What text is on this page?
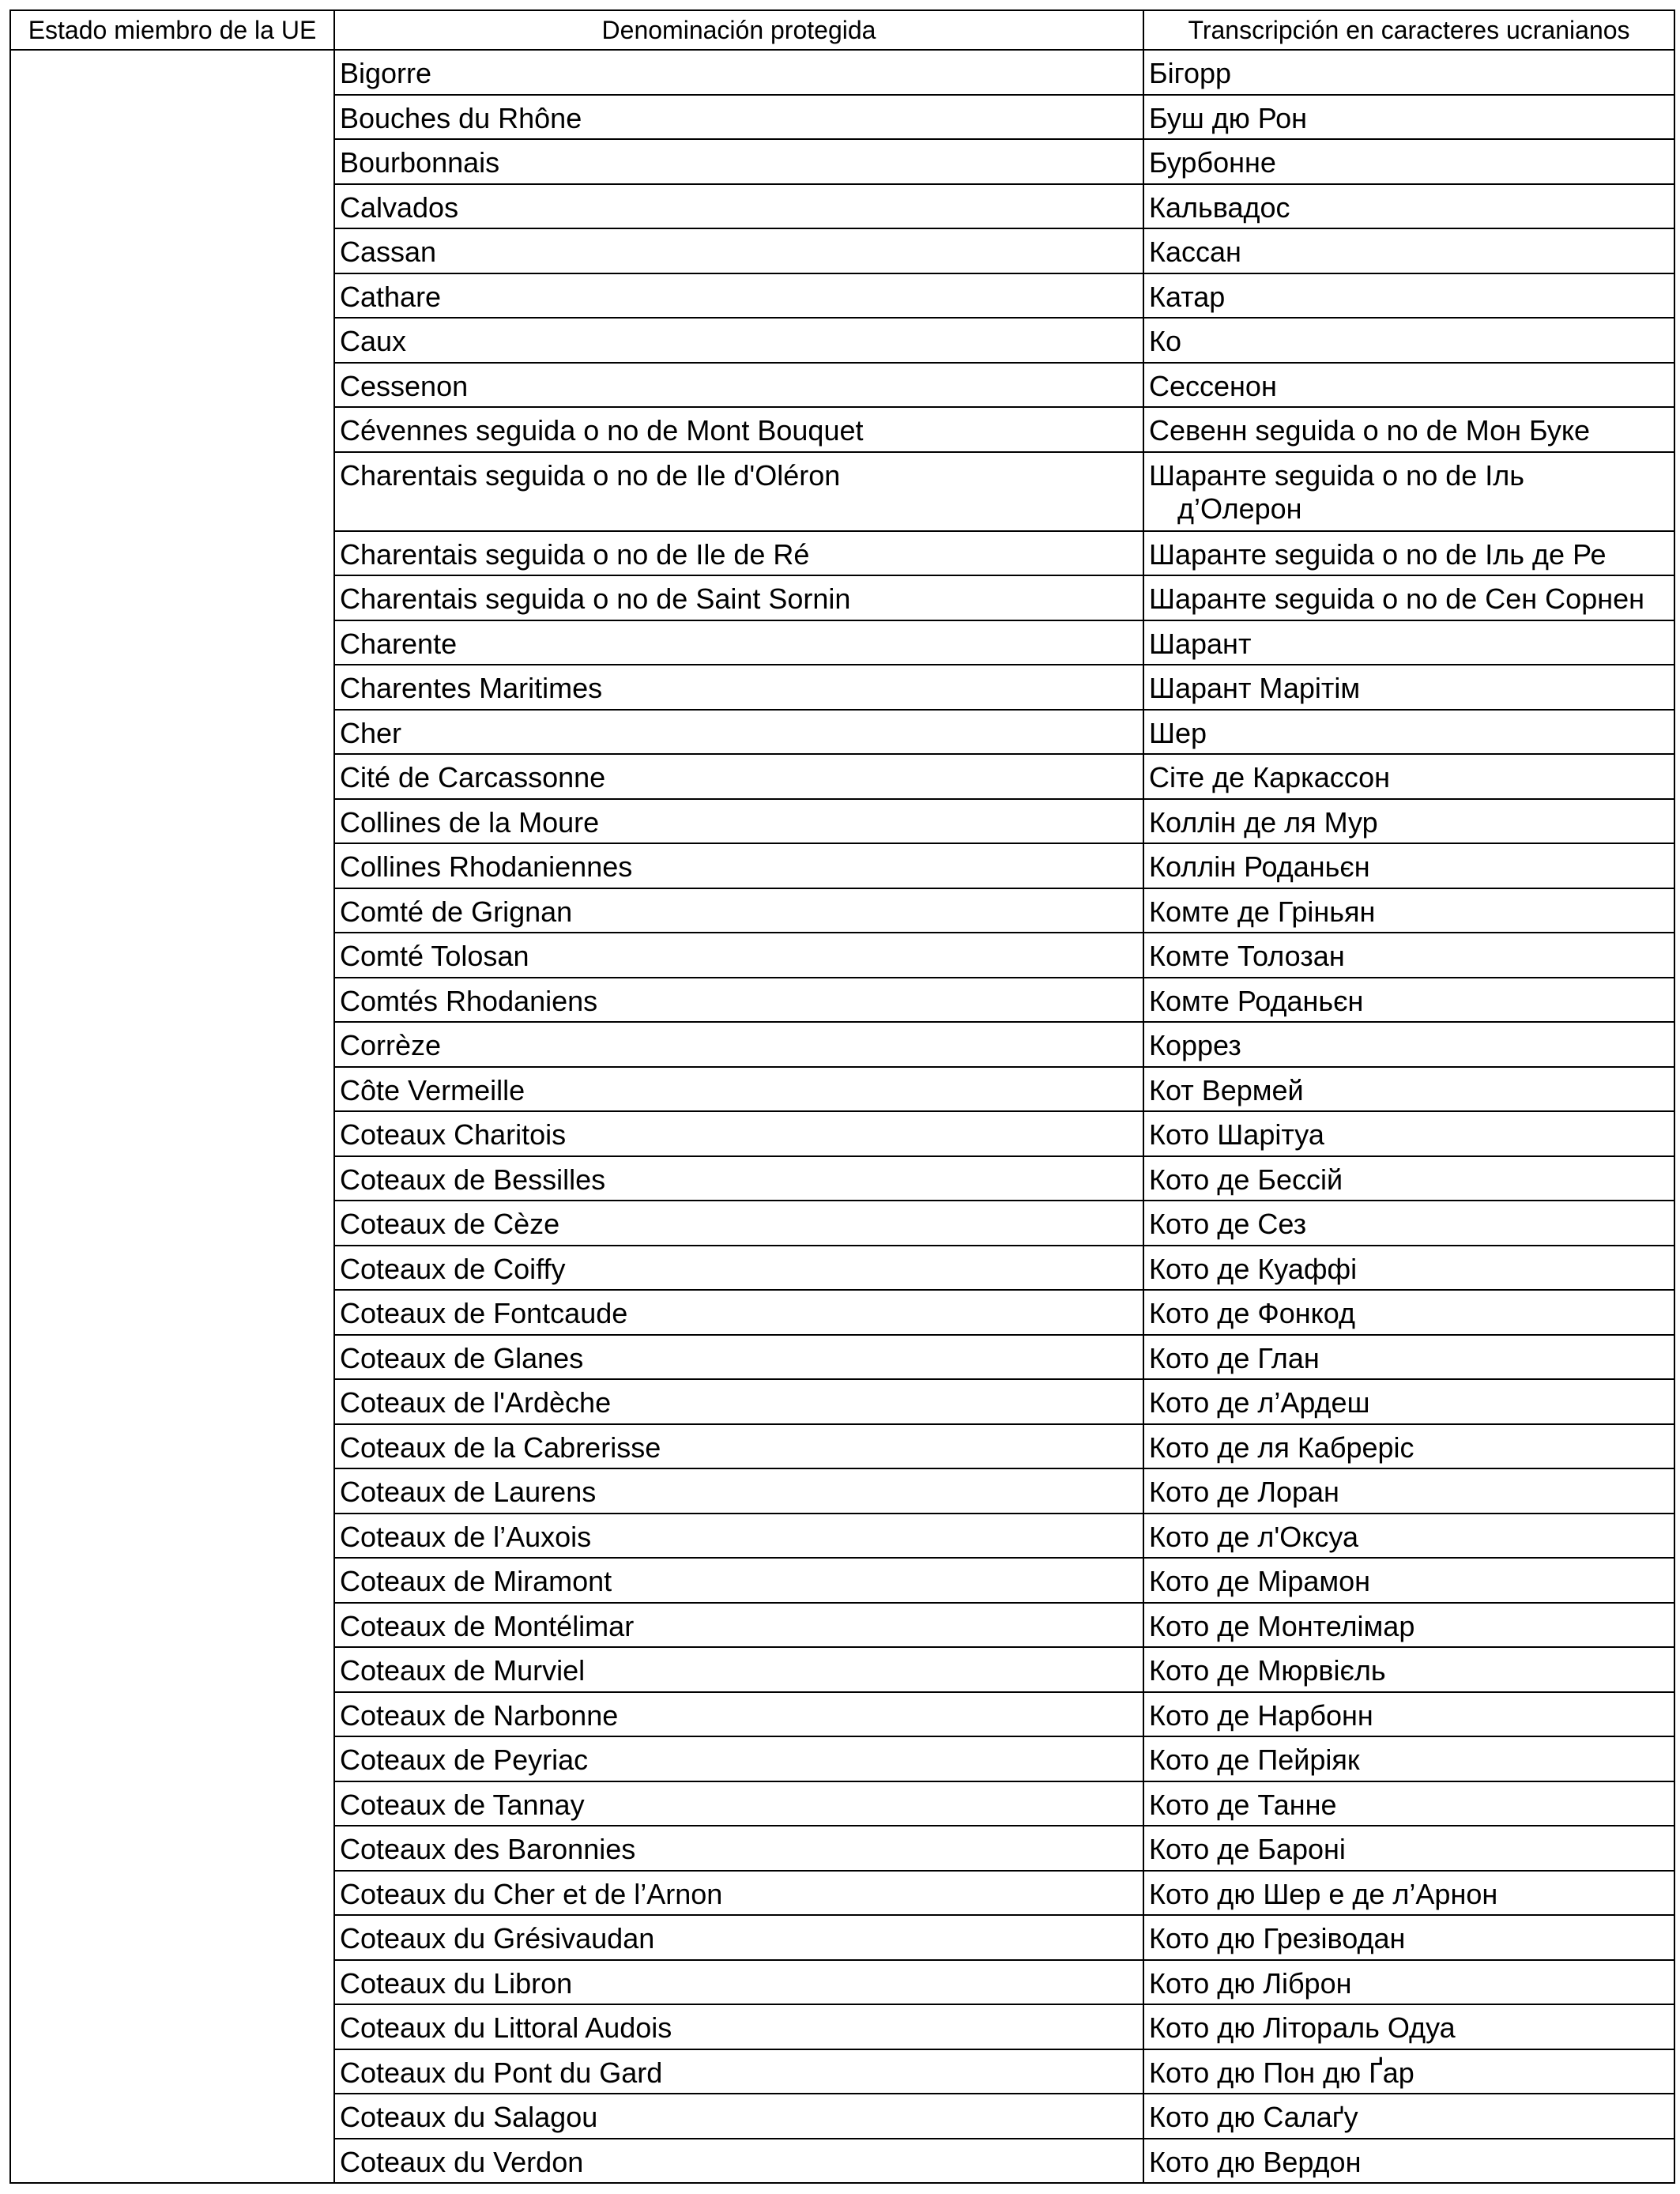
Estado miembro de la UE	Denominación protegida	Transcripción en caracteres ucranianos
	Bigorre	Бігорр
	Bouches du Rhône	Буш дю Рон
	Bourbonnais	Бурбонне
	Calvados	Кальвадос
	Cassan	Кассан
	Cathare	Катар
	Caux	Ко
	Cessenon	Сессенон
	Cévennes seguida o no de Mont Bouquet	Севенн seguida o no de Мон Буке
	Charentais seguida o no de Ile d'Oléron	Шаранте seguida o no de Іль
д’Олерон

	Charentais seguida o no de Ile de Ré	Шаранте seguida o no de Іль де Ре
	Charentais seguida o no de Saint Sornin	Шаранте seguida o no de Сен Сорнен
	Charente	Шарант
	Charentes Maritimes	Шарант Марітім
	Cher	Шер
	Cité de Carcassonne	Сіте де Каркассон
	Collines de la Moure	Коллін де ля Мур
	Collines Rhodaniennes	Коллін Роданьєн
	Comté de Grignan	Комте де Гріньян
	Comté Tolosan	Комте Толозан
	Comtés Rhodaniens	Комте Роданьєн
	Corrèze	Коррез
	Côte Vermeille	Кот Вермей
	Coteaux Charitois	Кото Шарітуа
	Coteaux de Bessilles	Кото де Бессій
	Coteaux de Cèze	Кото де Сез
	Coteaux de Coiffy	Кото де Куаффі
	Coteaux de Fontcaude	Кото де Фонкод
	Coteaux de Glanes	Кото де Глан
	Coteaux de l'Ardèche	Кото де л’Ардеш
	Coteaux de la Cabrerisse	Кото де ля Кабреріс
	Coteaux de Laurens	Кото де Лоран
	Coteaux de l’Auxois	Кото де л'Оксуа
	Coteaux de Miramont	Кото де Мірамон
	Coteaux de Montélimar	Кото де Монтелімар
	Coteaux de Murviel	Кото де Мюрвієль
	Coteaux de Narbonne	Кото де Нарбонн
	Coteaux de Peyriac	Кото де Пейріяк
	Coteaux de Tannay	Кото де Танне
	Coteaux des Baronnies	Кото де Бароні
	Coteaux du Cher et de l’Arnon	Кото дю Шер е де л’Арнон
	Coteaux du Grésivaudan	Кото дю Грезіводан
	Coteaux du Libron	Кото дю Ліброн
	Coteaux du Littoral Audois	Кото дю Літораль Одуа
	Coteaux du Pont du Gard	Кото дю Пон дю Ґар
	Coteaux du Salagou	Кото дю Салаґу
	Coteaux du Verdon	Кото дю Вердон
